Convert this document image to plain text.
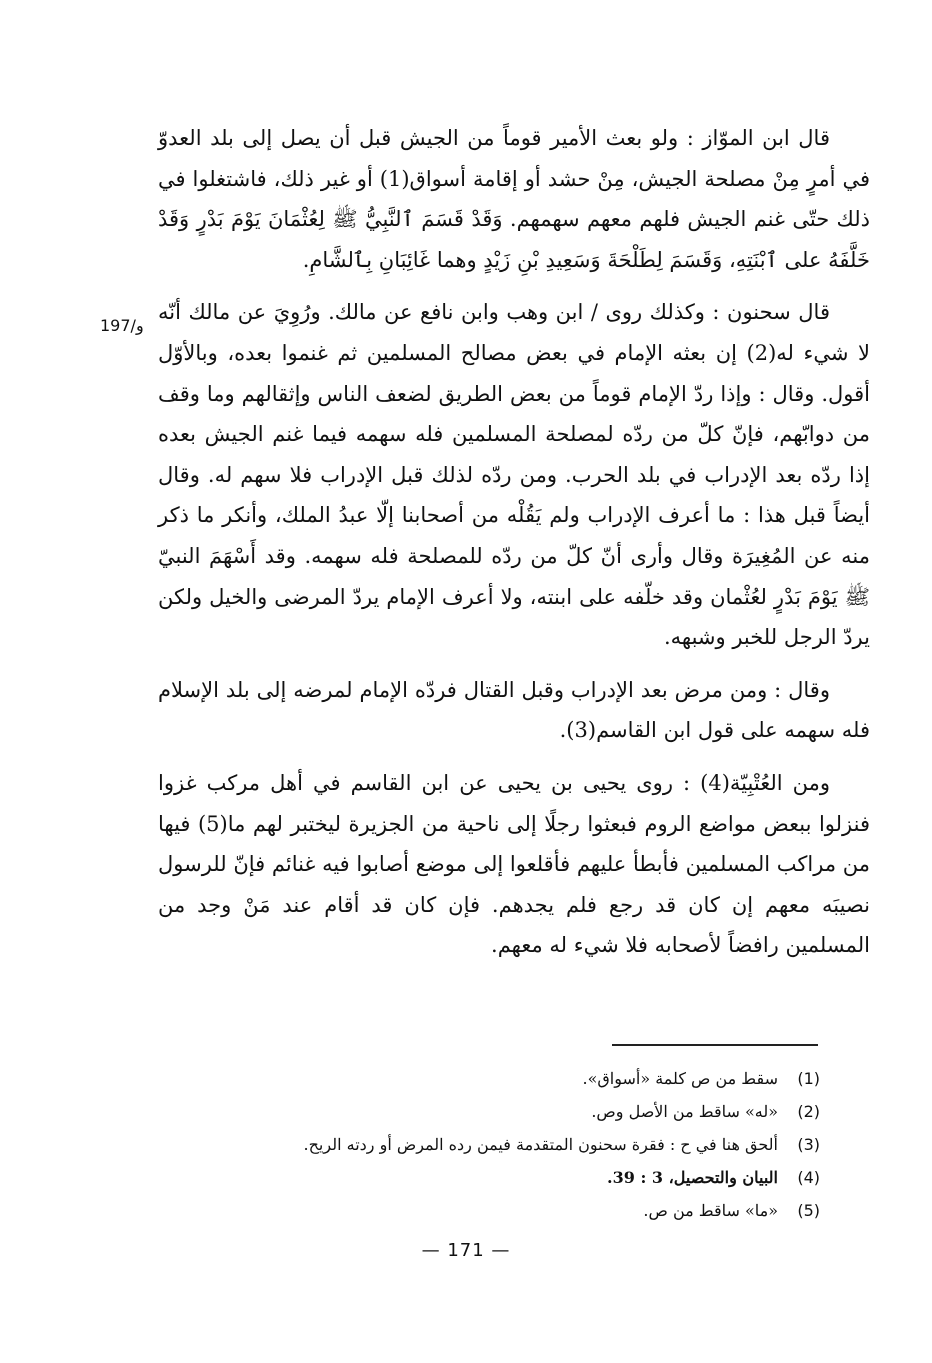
197/و

قال ابن الموّاز : ولو بعث الأمير قوماً من الجيش قبل أن يصل إلى بلد العدوّ في أمرٍ مِنْ مصلحة الجيش، مِنْ حشد أو إقامة أسواق(1) أو غير ذلك، فاشتغلوا في ذلك حتّى غنم الجيش فلهم معهم سهمهم. وَقَدْ قَسَمَ ٱلنَّبِيُّ ﷺ لِعُثْمَانَ يَوْمَ بَدْرٍ وَقَدْ خَلَّفَهُ على ٱبْنَتِهِ، وَقَسَمَ لِطَلْحَةَ وَسَعِيدِ بْنِ زَيْدٍ وهما غَائِبَانِ بِٱلشَّامِ.

قال سحنون : وكذلك روى / ابن وهب وابن نافع عن مالك. ورُوِيَ عن مالك أنّه لا شيء له(2) إن بعثه الإمام في بعض مصالح المسلمين ثم غنموا بعده، وبالأوّل أقول. وقال : وإذا ردّ الإمام قوماً من بعض الطريق لضعف الناس وإثقالهم وما وقف من دوابّهم، فإنّ كلّ من ردّه لمصلحة المسلمين فله سهمه فيما غنم الجيش بعده إذا ردّه بعد الإدراب في بلد الحرب. ومن ردّه لذلك قبل الإدراب فلا سهم له. وقال أيضاً قبل هذا : ما أعرف الإدراب ولم يَقُلْه من أصحابنا إلّا عبدُ الملك، وأنكر ما ذكر منه عن المُغِيرَة وقال وأرى أنّ كلّ من ردّه للمصلحة فله سهمه. وقد أَسْهَمَ النبيّ ﷺ يَوْمَ بَدْرٍ لعُثْمان وقد خلّفه على ابنته، ولا أعرف الإمام يردّ المرضى والخيل ولكن يردّ الرجل للخبر وشبهه.

وقال : ومن مرض بعد الإدراب وقبل القتال فردّه الإمام لمرضه إلى بلد الإسلام فله سهمه على قول ابن القاسم(3).

ومن العُتْبِيّة(4) : روى يحيى بن يحيى عن ابن القاسم في أهل مركب غزوا فنزلوا ببعض مواضع الروم فبعثوا رجلًا إلى ناحية من الجزيرة ليختبر لهم ما(5) فيها من مراكب المسلمين فأبطأ عليهم فأقلعوا إلى موضع أصابوا فيه غنائم فإنّ للرسول نصيبَه معهم إن كان قد رجع فلم يجدهم. فإن كان قد أقام عند مَنْ وجد من المسلمين رافضاً لأصحابه فلا شيء له معهم.

(1)
سقط من ص كلمة «أسواق».
(2)
«له» ساقط من الأصل وص.
(3)
ألحق هنا في ح : فقرة سحنون المتقدمة فيمن رده المرض أو ردته الريح.
(4)
البيان والتحصيل، 3 : 39.
(5)
«ما» ساقط من ص.
— 171 —
